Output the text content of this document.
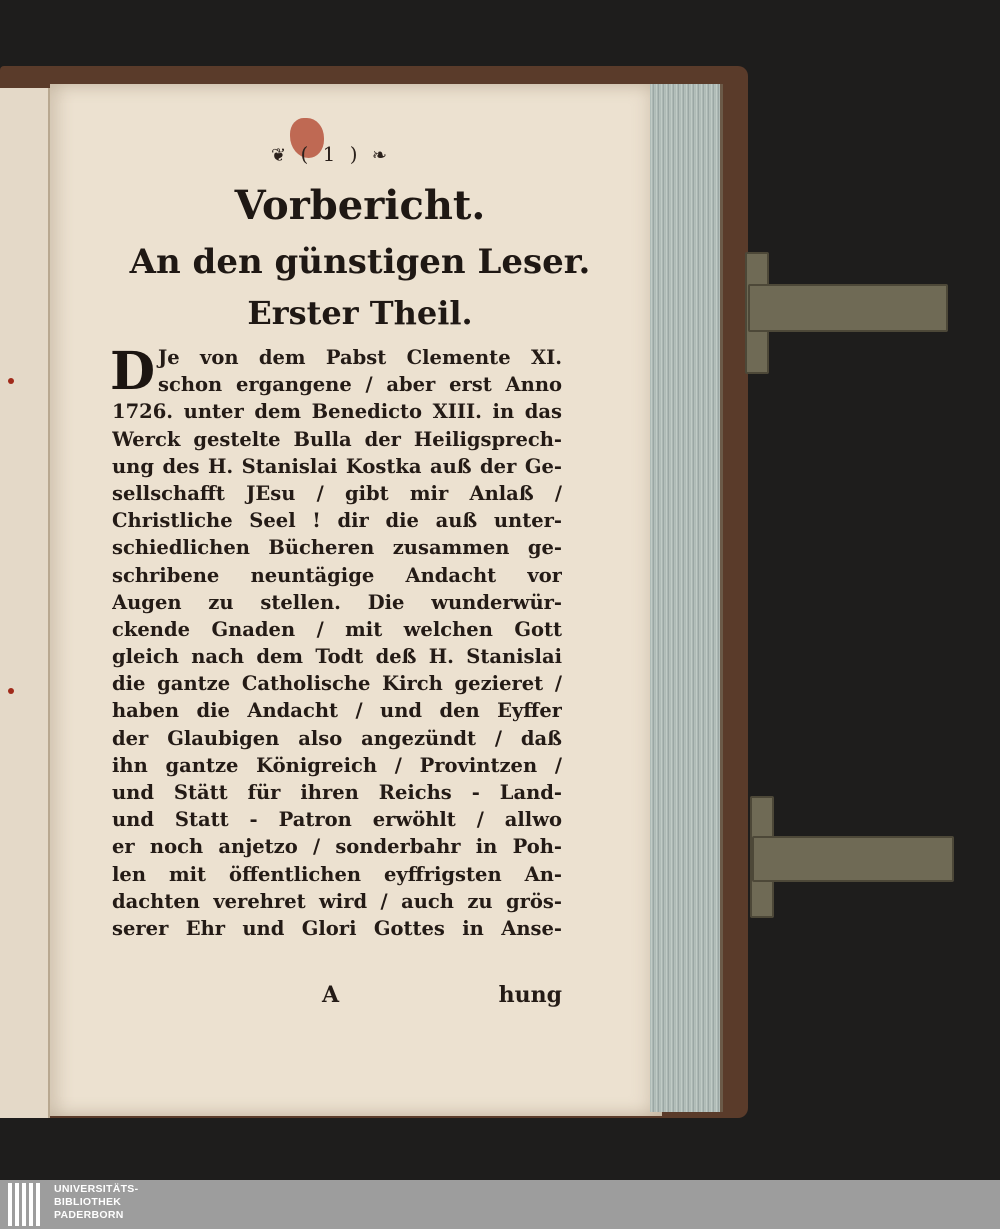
❦ ( 1 ) ❧
Vorbericht.
An den günstigen Leser.
Erster Theil.
D Je von dem Pabst Clemente XI.
schon ergangene / aber erst Anno
1726. unter dem Benedicto XIII. in das
Werck gestelte Bulla der Heiligsprech-
ung des H. Stanislai Kostka auß der Ge-
sellschafft JEsu / gibt mir Anlaß /
Christliche Seel ! dir die auß unter-
schiedlichen Bücheren zusammen ge-
schribene neuntägige Andacht vor
Augen zu stellen. Die wunderwür-
ckende Gnaden / mit welchen Gott
gleich nach dem Todt deß H. Stanislai
die gantze Catholische Kirch gezieret /
haben die Andacht / und den Eyffer
der Glaubigen also angezündt / daß
ihn gantze Königreich / Provintzen /
und Stätt für ihren Reichs - Land-
und Statt - Patron erwöhlt / allwo
er noch anjetzo / sonderbahr in Poh-
len mit öffentlichen eyffrigsten An-
dachten verehret wird / auch zu grös-
serer Ehr und Glori Gottes in Anse-
A	hung
UNIVERSITÄTS-
BIBLIOTHEK
PADERBORN
